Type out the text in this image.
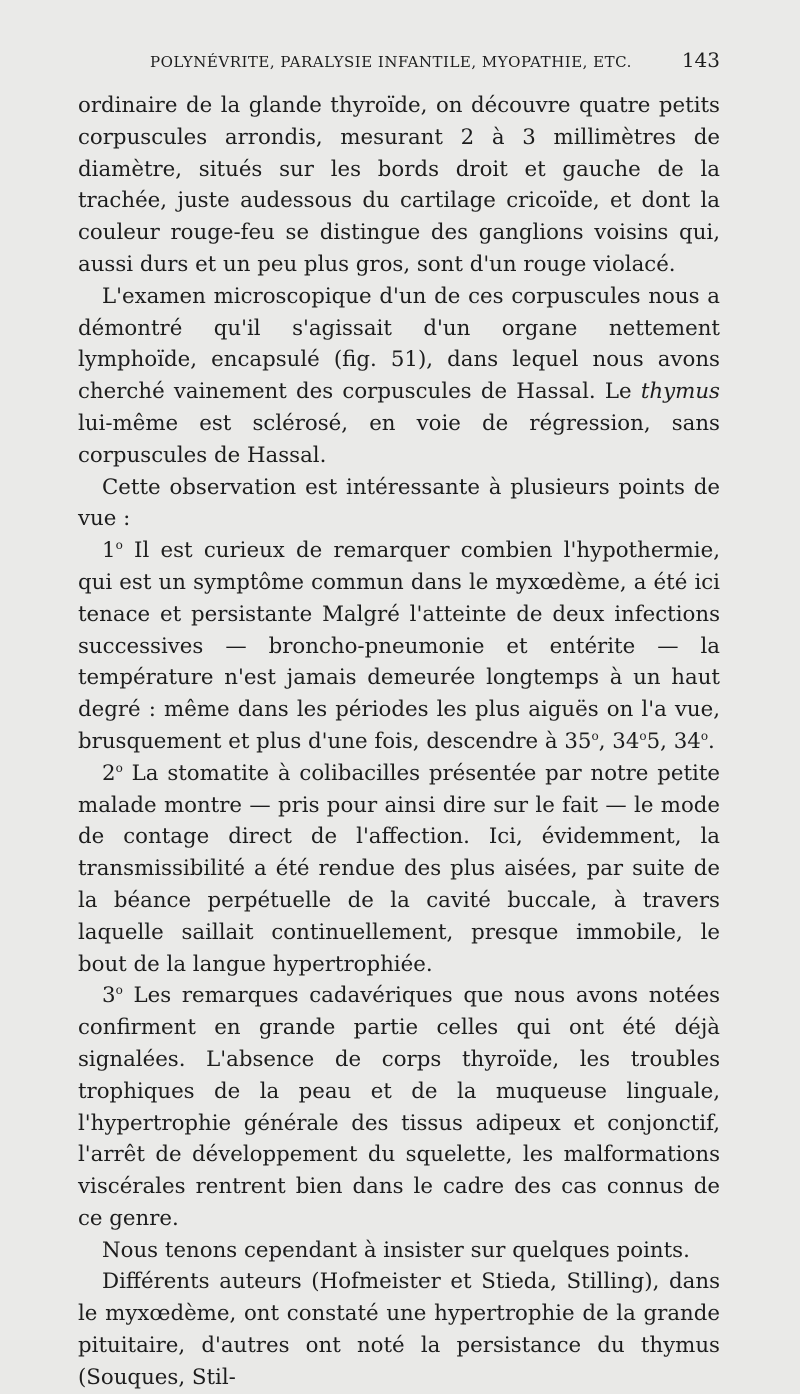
POLYNÉVRITE, PARALYSIE INFANTILE, MYOPATHIE, ETC. 143

ordinaire de la glande thyroïde, on découvre quatre petits corpuscules arrondis, mesurant 2 à 3 millimètres de diamètre, situés sur les bords droit et gauche de la trachée, juste audessous du cartilage cricoïde, et dont la couleur rouge-feu se distingue des ganglions voisins qui, aussi durs et un peu plus gros, sont d'un rouge violacé.

L'examen microscopique d'un de ces corpuscules nous a démontré qu'il s'agissait d'un organe nettement lymphoïde, encapsulé (fig. 51), dans lequel nous avons cherché vainement des corpuscules de Hassal. Le thymus lui-même est sclérosé, en voie de régression, sans corpuscules de Hassal.

Cette observation est intéressante à plusieurs points de vue :

1$^o$ Il est curieux de remarquer combien l'hypothermie, qui est un symptôme commun dans le myxœdème, a été ici tenace et persistante Malgré l'atteinte de deux infections successives — broncho-pneumonie et entérite — la température n'est jamais demeurée longtemps à un haut degré : même dans les périodes les plus aiguës on l'a vue, brusquement et plus d'une fois, descendre à 35$^o$, 34$^o$5, 34$^o$.

2$^o$ La stomatite à colibacilles présentée par notre petite malade montre — pris pour ainsi dire sur le fait — le mode de contage direct de l'affection. Ici, évidemment, la transmissibilité a été rendue des plus aisées, par suite de la béance perpétuelle de la cavité buccale, à travers laquelle saillait continuellement, presque immobile, le bout de la langue hypertrophiée.

3$^o$ Les remarques cadavériques que nous avons notées confirment en grande partie celles qui ont été déjà signalées. L'absence de corps thyroïde, les troubles trophiques de la peau et de la muqueuse linguale, l'hypertrophie générale des tissus adipeux et conjonctif, l'arrêt de développement du squelette, les malformations viscérales rentrent bien dans le cadre des cas connus de ce genre.

Nous tenons cependant à insister sur quelques points.

Différents auteurs (Hofmeister et Stieda, Stilling), dans le myxœdème, ont constaté une hypertrophie de la grande pituitaire, d'autres ont noté la persistance du thymus (Souques, Stil-
